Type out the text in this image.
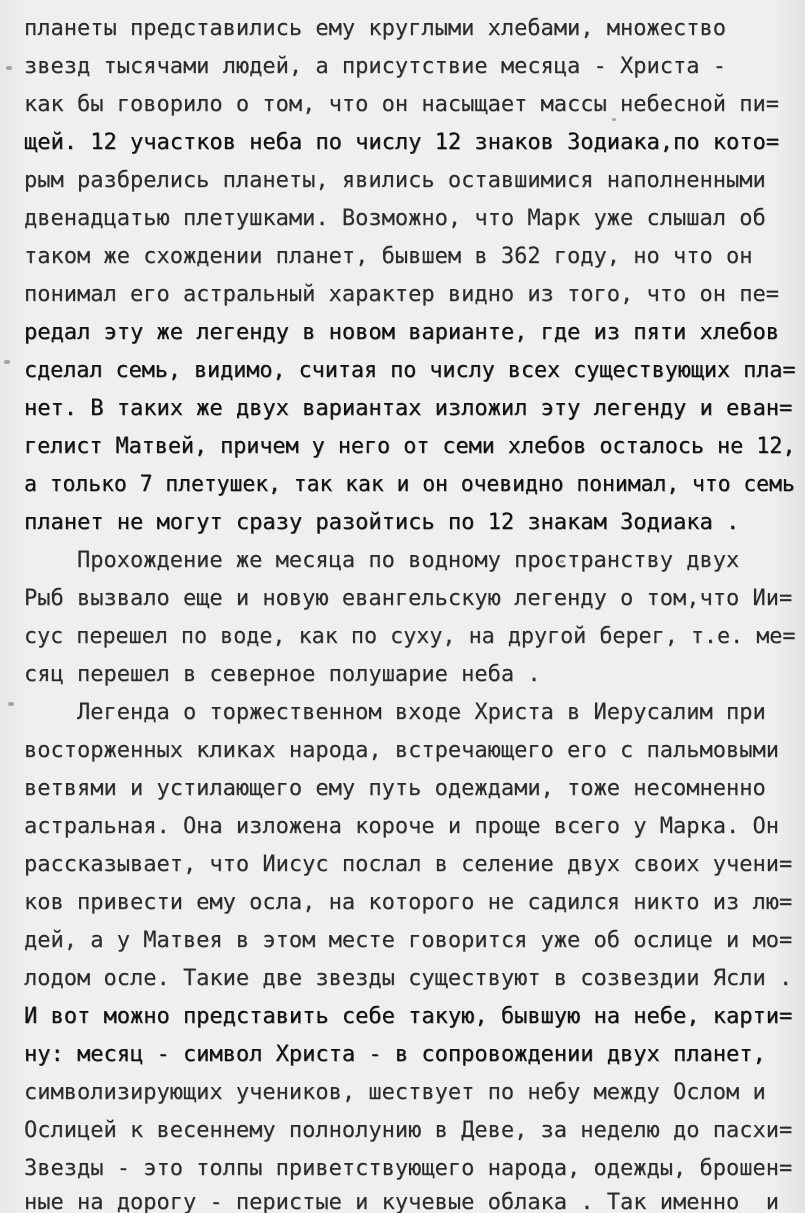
планеты представились ему круглыми хлебами, множество
звезд тысячами людей, а присутствие месяца - Христа -
как бы говорило о том, что он насыщает массы небесной пи=
щей. 12 участков неба по числу 12 знаков Зодиака,по кото=
рым разбрелись планеты, явились оставшимися наполненными
двенадцатью плетушками. Возможно, что Марк уже слышал об
таком же схождении планет, бывшем в 362 году, но что он
понимал его астральный характер видно из того, что он пе=
редал эту же легенду в новом варианте, где из пяти хлебов
сделал семь, видимо, считая по числу всех существующих пла=
нет. В таких же двух вариантах изложил эту легенду и еван=
гелист Матвей, причем у него от семи хлебов осталось не 12,
а только 7 плетушек, так как и он очевидно понимал, что семь
планет не могут сразу разойтись по 12 знакам Зодиака .
Прохождение же месяца по водному пространству двух
Рыб вызвало еще и новую евангельскую легенду о том,что Ии=
сус перешел по воде, как по суху, на другой берег, т.е. ме=
сяц перешел в северное полушарие неба .
Легенда о торжественном входе Христа в Иерусалим при
восторженных кликах народа, встречающего его с пальмовыми
ветвями и устилающего ему путь одеждами, тоже несомненно
астральная. Она изложена короче и проще всего у Марка. Он
рассказывает, что Иисус послал в селение двух своих учени=
ков привести ему осла, на которого не садился никто из лю=
дей, а у Матвея в этом месте говорится уже об ослице и мо=
лодом осле. Такие две звезды существуют в созвездии Ясли .
И вот можно представить себе такую, бывшую на небе, карти=
ну: месяц - символ Христа - в сопровождении двух планет,
символизирующих учеников, шествует по небу между Ослом и
Ослицей к весеннему полнолунию в Деве, за неделю до пасхи=
Звезды - это толпы приветствующего народа, одежды, брошен=
ные на дорогу - перистые и кучевые облака . Так именно  и
